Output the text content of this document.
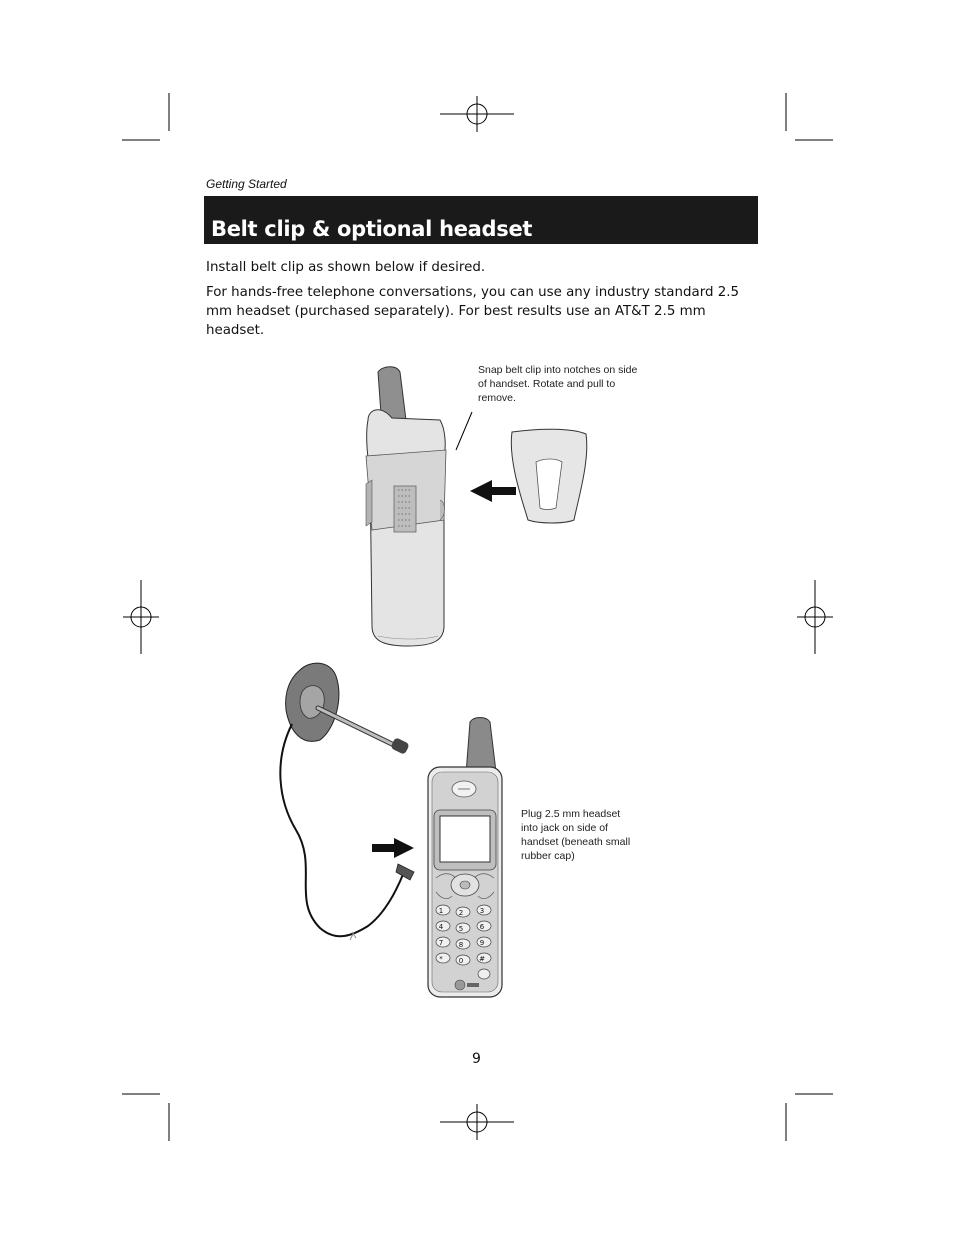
1 2 3
4 5 6
7 8 9
* 0 #
Getting Started
Belt clip & optional headset
Install belt clip as shown below if desired.
For hands-free telephone conversations, you can use any industry standard 2.5 mm headset (purchased separately). For best results use an AT&T 2.5 mm headset.
Snap belt clip into notches on side of handset. Rotate and pull to remove.
Plug 2.5 mm headset into jack on side of handset (beneath small rubber cap)
9
